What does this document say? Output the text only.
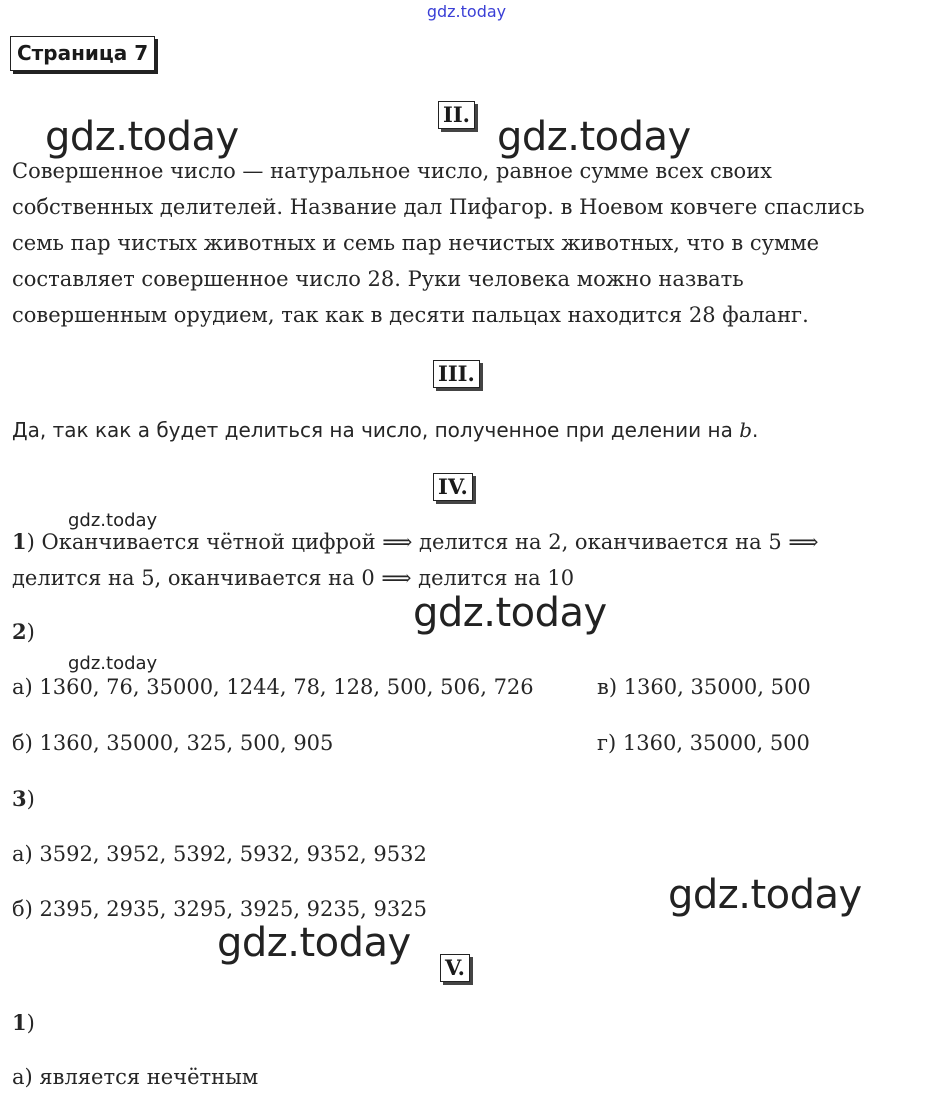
gdz.today
Страница 7
II.
gdz.today	gdz.today
Совершенное число — натуральное число, равное сумме всех своих
собственных делителей. Название дал Пифагор. в Ноевом ковчеге спаслись
семь пар чистых животных и семь пар нечистых животных, что в сумме
составляет совершенное число 28. Руки человека можно назвать
совершенным орудием, так как в десяти пальцах находится 28 фаланг.
III.
Да, так как a будет делиться на число, полученное при делении на b.
IV.
gdz.today
1) Оканчивается чётной цифрой ⟹ делится на 2, оканчивается на 5 ⟹
делится на 5, оканчивается на 0 ⟹ делится на 10
gdz.today
2)
gdz.today
а) 1360, 76, 35000, 1244, 78, 128, 500, 506, 726	в) 1360, 35000, 500
б) 1360, 35000, 325, 500, 905	г) 1360, 35000, 500
3)
а) 3592, 3952, 5392, 5932, 9352, 9532
gdz.today
б) 2395, 2935, 3295, 3925, 9235, 9325
gdz.today
V.
1)
а) является нечётным
